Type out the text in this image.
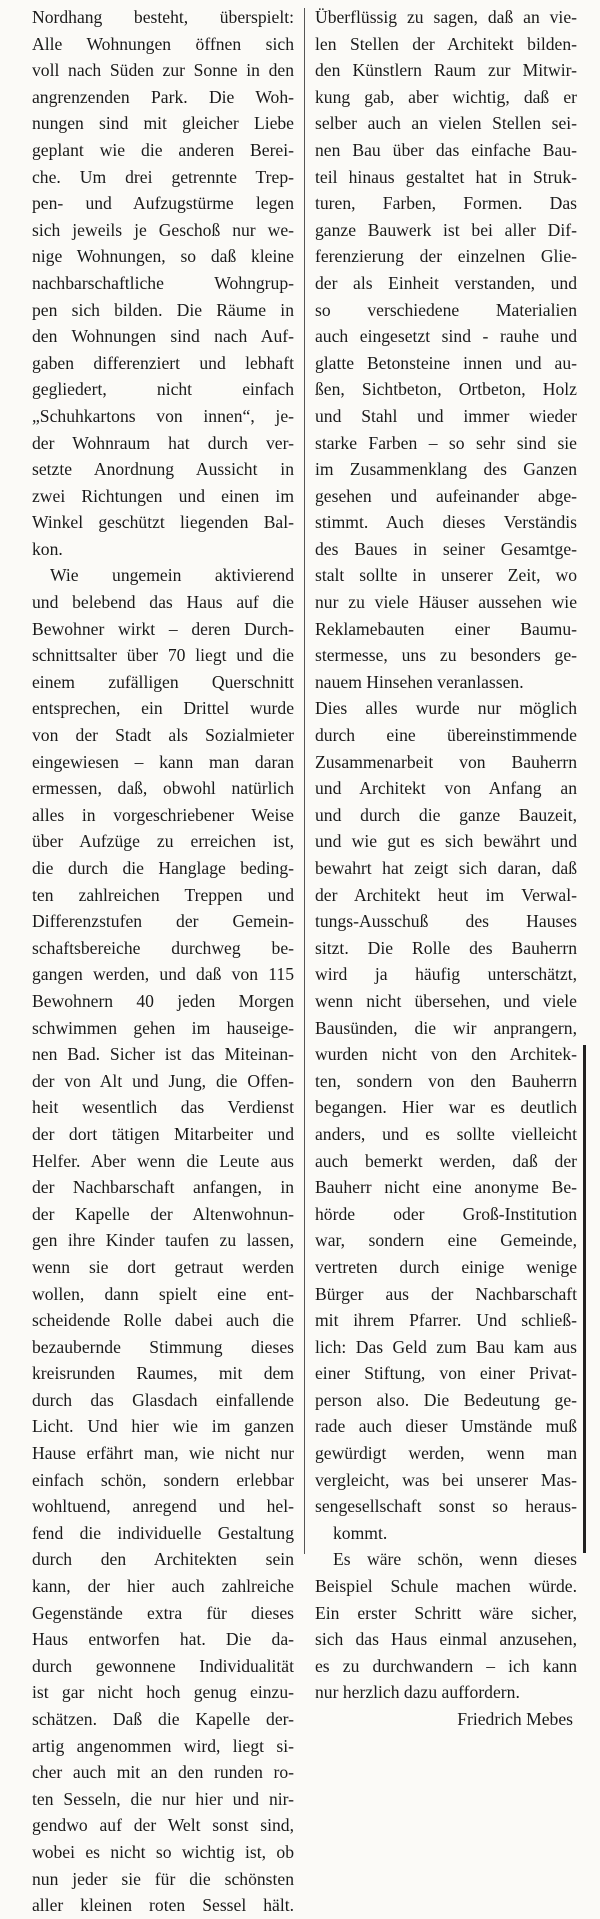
Nordhang besteht, überspielt:
Alle Wohnungen öffnen sich
voll nach Süden zur Sonne in den
angrenzenden Park. Die Woh-
nungen sind mit gleicher Liebe
geplant wie die anderen Berei-
che. Um drei getrennte Trep-
pen- und Aufzugstürme legen
sich jeweils je Geschoß nur we-
nige Wohnungen, so daß kleine
nachbarschaftliche Wohngrup-
pen sich bilden. Die Räume in
den Wohnungen sind nach Auf-
gaben differenziert und lebhaft
gegliedert, nicht einfach
„Schuhkartons von innen“, je-
der Wohnraum hat durch ver-
setzte Anordnung Aussicht in
zwei Richtungen und einen im
Winkel geschützt liegenden Bal-
kon.
Wie ungemein aktivierend
und belebend das Haus auf die
Bewohner wirkt – deren Durch-
schnittsalter über 70 liegt und die
einem zufälligen Querschnitt
entsprechen, ein Drittel wurde
von der Stadt als Sozialmieter
eingewiesen – kann man daran
ermessen, daß, obwohl natürlich
alles in vorgeschriebener Weise
über Aufzüge zu erreichen ist,
die durch die Hanglage beding-
ten zahlreichen Treppen und
Differenzstufen der Gemein-
schaftsbereiche durchweg be-
gangen werden, und daß von 115
Bewohnern 40 jeden Morgen
schwimmen gehen im hauseige-
nen Bad. Sicher ist das Miteinan-
der von Alt und Jung, die Offen-
heit wesentlich das Verdienst
der dort tätigen Mitarbeiter und
Helfer. Aber wenn die Leute aus
der Nachbarschaft anfangen, in
der Kapelle der Altenwohnun-
gen ihre Kinder taufen zu lassen,
wenn sie dort getraut werden
wollen, dann spielt eine ent-
scheidende Rolle dabei auch die
bezaubernde Stimmung dieses
kreisrunden Raumes, mit dem
durch das Glasdach einfallende
Licht. Und hier wie im ganzen
Hause erfährt man, wie nicht nur
einfach schön, sondern erlebbar
wohltuend, anregend und hel-
fend die individuelle Gestaltung
durch den Architekten sein
kann, der hier auch zahlreiche
Gegenstände extra für dieses
Haus entworfen hat. Die da-
durch gewonnene Individualität
ist gar nicht hoch genug einzu-
schätzen. Daß die Kapelle der-
artig angenommen wird, liegt si-
cher auch mit an den runden ro-
ten Sesseln, die nur hier und nir-
gendwo auf der Welt sonst sind,
wobei es nicht so wichtig ist, ob
nun jeder sie für die schönsten
aller kleinen roten Sessel hält.
Überflüssig zu sagen, daß an vie-
len Stellen der Architekt bilden-
den Künstlern Raum zur Mitwir-
kung gab, aber wichtig, daß er
selber auch an vielen Stellen sei-
nen Bau über das einfache Bau-
teil hinaus gestaltet hat in Struk-
turen, Farben, Formen. Das
ganze Bauwerk ist bei aller Dif-
ferenzierung der einzelnen Glie-
der als Einheit verstanden, und
so verschiedene Materialien
auch eingesetzt sind - rauhe und
glatte Betonsteine innen und au-
ßen, Sichtbeton, Ortbeton, Holz
und Stahl und immer wieder
starke Farben – so sehr sind sie
im Zusammenklang des Ganzen
gesehen und aufeinander abge-
stimmt. Auch dieses Verständis
des Baues in seiner Gesamtge-
stalt sollte in unserer Zeit, wo
nur zu viele Häuser aussehen wie
Reklamebauten einer Baumu-
stermesse, uns zu besonders ge-
nauem Hinsehen veranlassen.
Dies alles wurde nur möglich
durch eine übereinstimmende
Zusammenarbeit von Bauherrn
und Architekt von Anfang an
und durch die ganze Bauzeit,
und wie gut es sich bewährt und
bewahrt hat zeigt sich daran, daß
der Architekt heut im Verwal-
tungs-Ausschuß des Hauses
sitzt. Die Rolle des Bauherrn
wird ja häufig unterschätzt,
wenn nicht übersehen, und viele
Bausünden, die wir anprangern,
wurden nicht von den Architek-
ten, sondern von den Bauherrn
begangen. Hier war es deutlich
anders, und es sollte vielleicht
auch bemerkt werden, daß der
Bauherr nicht eine anonyme Be-
hörde oder Groß-Institution
war, sondern eine Gemeinde,
vertreten durch einige wenige
Bürger aus der Nachbarschaft
mit ihrem Pfarrer. Und schließ-
lich: Das Geld zum Bau kam aus
einer Stiftung, von einer Privat-
person also. Die Bedeutung ge-
rade auch dieser Umstände muß
gewürdigt werden, wenn man
vergleicht, was bei unserer Mas-
sengesellschaft sonst so heraus-
kommt.
Es wäre schön, wenn dieses
Beispiel Schule machen würde.
Ein erster Schritt wäre sicher,
sich das Haus einmal anzusehen,
es zu durchwandern – ich kann
nur herzlich dazu auffordern.
Friedrich Mebes
